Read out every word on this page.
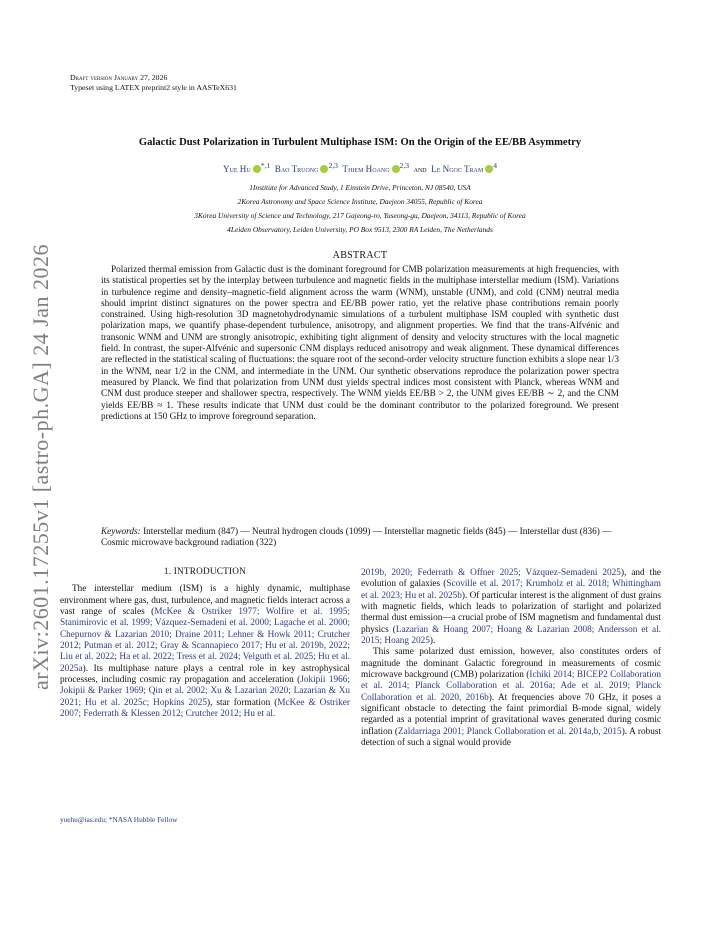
arXiv:2601.17255v1 [astro-ph.GA] 24 Jan 2026
Draft version January 27, 2026
Typeset using LATEX preprint2 style in AASTeX631
Galactic Dust Polarization in Turbulent Multiphase ISM: On the Origin of the EE/BB Asymmetry
Yue Hu $^{*,1}$ Bao Truong $^{2,3}$ Thiem Hoang $^{2,3}$ and Le Ngoc Tram $^4$
1Institute for Advanced Study, 1 Einstein Drive, Princeton, NJ 08540, USA
2Korea Astronomy and Space Science Institute, Daejeon 34055, Republic of Korea
3Korea University of Science and Technology, 217 Gajeong-ro, Yuseong-gu, Daejeon, 34113, Republic of Korea
4Leiden Observatory, Leiden University, PO Box 9513, 2300 RA Leiden, The Netherlands
ABSTRACT
Polarized thermal emission from Galactic dust is the dominant foreground for CMB polarization measurements at high frequencies, with its statistical properties set by the interplay between turbulence and magnetic fields in the multiphase interstellar medium (ISM). Variations in turbulence regime and density–magnetic-field alignment across the warm (WNM), unstable (UNM), and cold (CNM) neutral media should imprint distinct signatures on the power spectra and EE/BB power ratio, yet the relative phase contributions remain poorly constrained. Using high-resolution 3D magnetohydrodynamic simulations of a turbulent multiphase ISM coupled with synthetic dust polarization maps, we quantify phase-dependent turbulence, anisotropy, and alignment properties. We find that the trans-Alfvénic and transonic WNM and UNM are strongly anisotropic, exhibiting tight alignment of density and velocity structures with the local magnetic field. In contrast, the super-Alfvénic and supersonic CNM displays reduced anisotropy and weak alignment. These dynamical differences are reflected in the statistical scaling of fluctuations: the square root of the second-order velocity structure function exhibits a slope near 1/3 in the WNM, near 1/2 in the CNM, and intermediate in the UNM. Our synthetic observations reproduce the polarization power spectra measured by Planck. We find that polarization from UNM dust yields spectral indices most consistent with Planck, whereas WNM and CNM dust produce steeper and shallower spectra, respectively. The WNM yields EE/BB > 2, the UNM gives EE/BB ∼ 2, and the CNM yields EE/BB ≈ 1. These results indicate that UNM dust could be the dominant contributor to the polarized foreground. We present predictions at 150 GHz to improve foreground separation.
Keywords: Interstellar medium (847) — Neutral hydrogen clouds (1099) — Interstellar magnetic fields (845) — Interstellar dust (836) — Cosmic microwave background radiation (322)
1. INTRODUCTION

The interstellar medium (ISM) is a highly dynamic, multiphase environment where gas, dust, turbulence, and magnetic fields interact across a vast range of scales (McKee & Ostriker 1977; Wolfire et al. 1995; Stanimirovic et al. 1999; Vázquez-Semadeni et al. 2000; Lagache et al. 2000; Chepurnov & Lazarian 2010; Draine 2011; Lehner & Howk 2011; Crutcher 2012; Putman et al. 2012; Gray & Scannapieco 2017; Hu et al. 2019b, 2022; Liu et al. 2022; Ha et al. 2022; Tress et al. 2024; Velguth et al. 2025; Hu et al. 2025a). Its multiphase nature plays a central role in key astrophysical processes, including cosmic ray propagation and acceleration (Jokipii 1966; Jokipii & Parker 1969; Qin et al. 2002; Xu & Lazarian 2020; Lazarian & Xu 2021; Hu et al. 2025c; Hopkins 2025), star formation (McKee & Ostriker 2007; Federrath & Klessen 2012; Crutcher 2012; Hu et al.

2019b, 2020; Federrath & Offner 2025; Vázquez-Semadeni 2025), and the evolution of galaxies (Scoville et al. 2017; Krumholz et al. 2018; Whittingham et al. 2023; Hu et al. 2025b). Of particular interest is the alignment of dust grains with magnetic fields, which leads to polarization of starlight and polarized thermal dust emission—a crucial probe of ISM magnetism and fundamental dust physics (Lazarian & Hoang 2007; Hoang & Lazarian 2008; Andersson et al. 2015; Hoang 2025).

This same polarized dust emission, however, also constitutes orders of magnitude the dominant Galactic foreground in measurements of cosmic microwave background (CMB) polarization (Ichiki 2014; BICEP2 Collaboration et al. 2014; Planck Collaboration et al. 2016a; Ade et al. 2019; Planck Collaboration et al. 2020, 2016b). At frequencies above 70 GHz, it poses a significant obstacle to detecting the faint primordial B-mode signal, widely regarded as a potential imprint of gravitational waves generated during cosmic inflation (Zaldarriaga 2001; Planck Collaboration et al. 2014a,b, 2015). A robust detection of such a signal would provide

yuehu@ias.edu; *NASA Hubble Fellow
